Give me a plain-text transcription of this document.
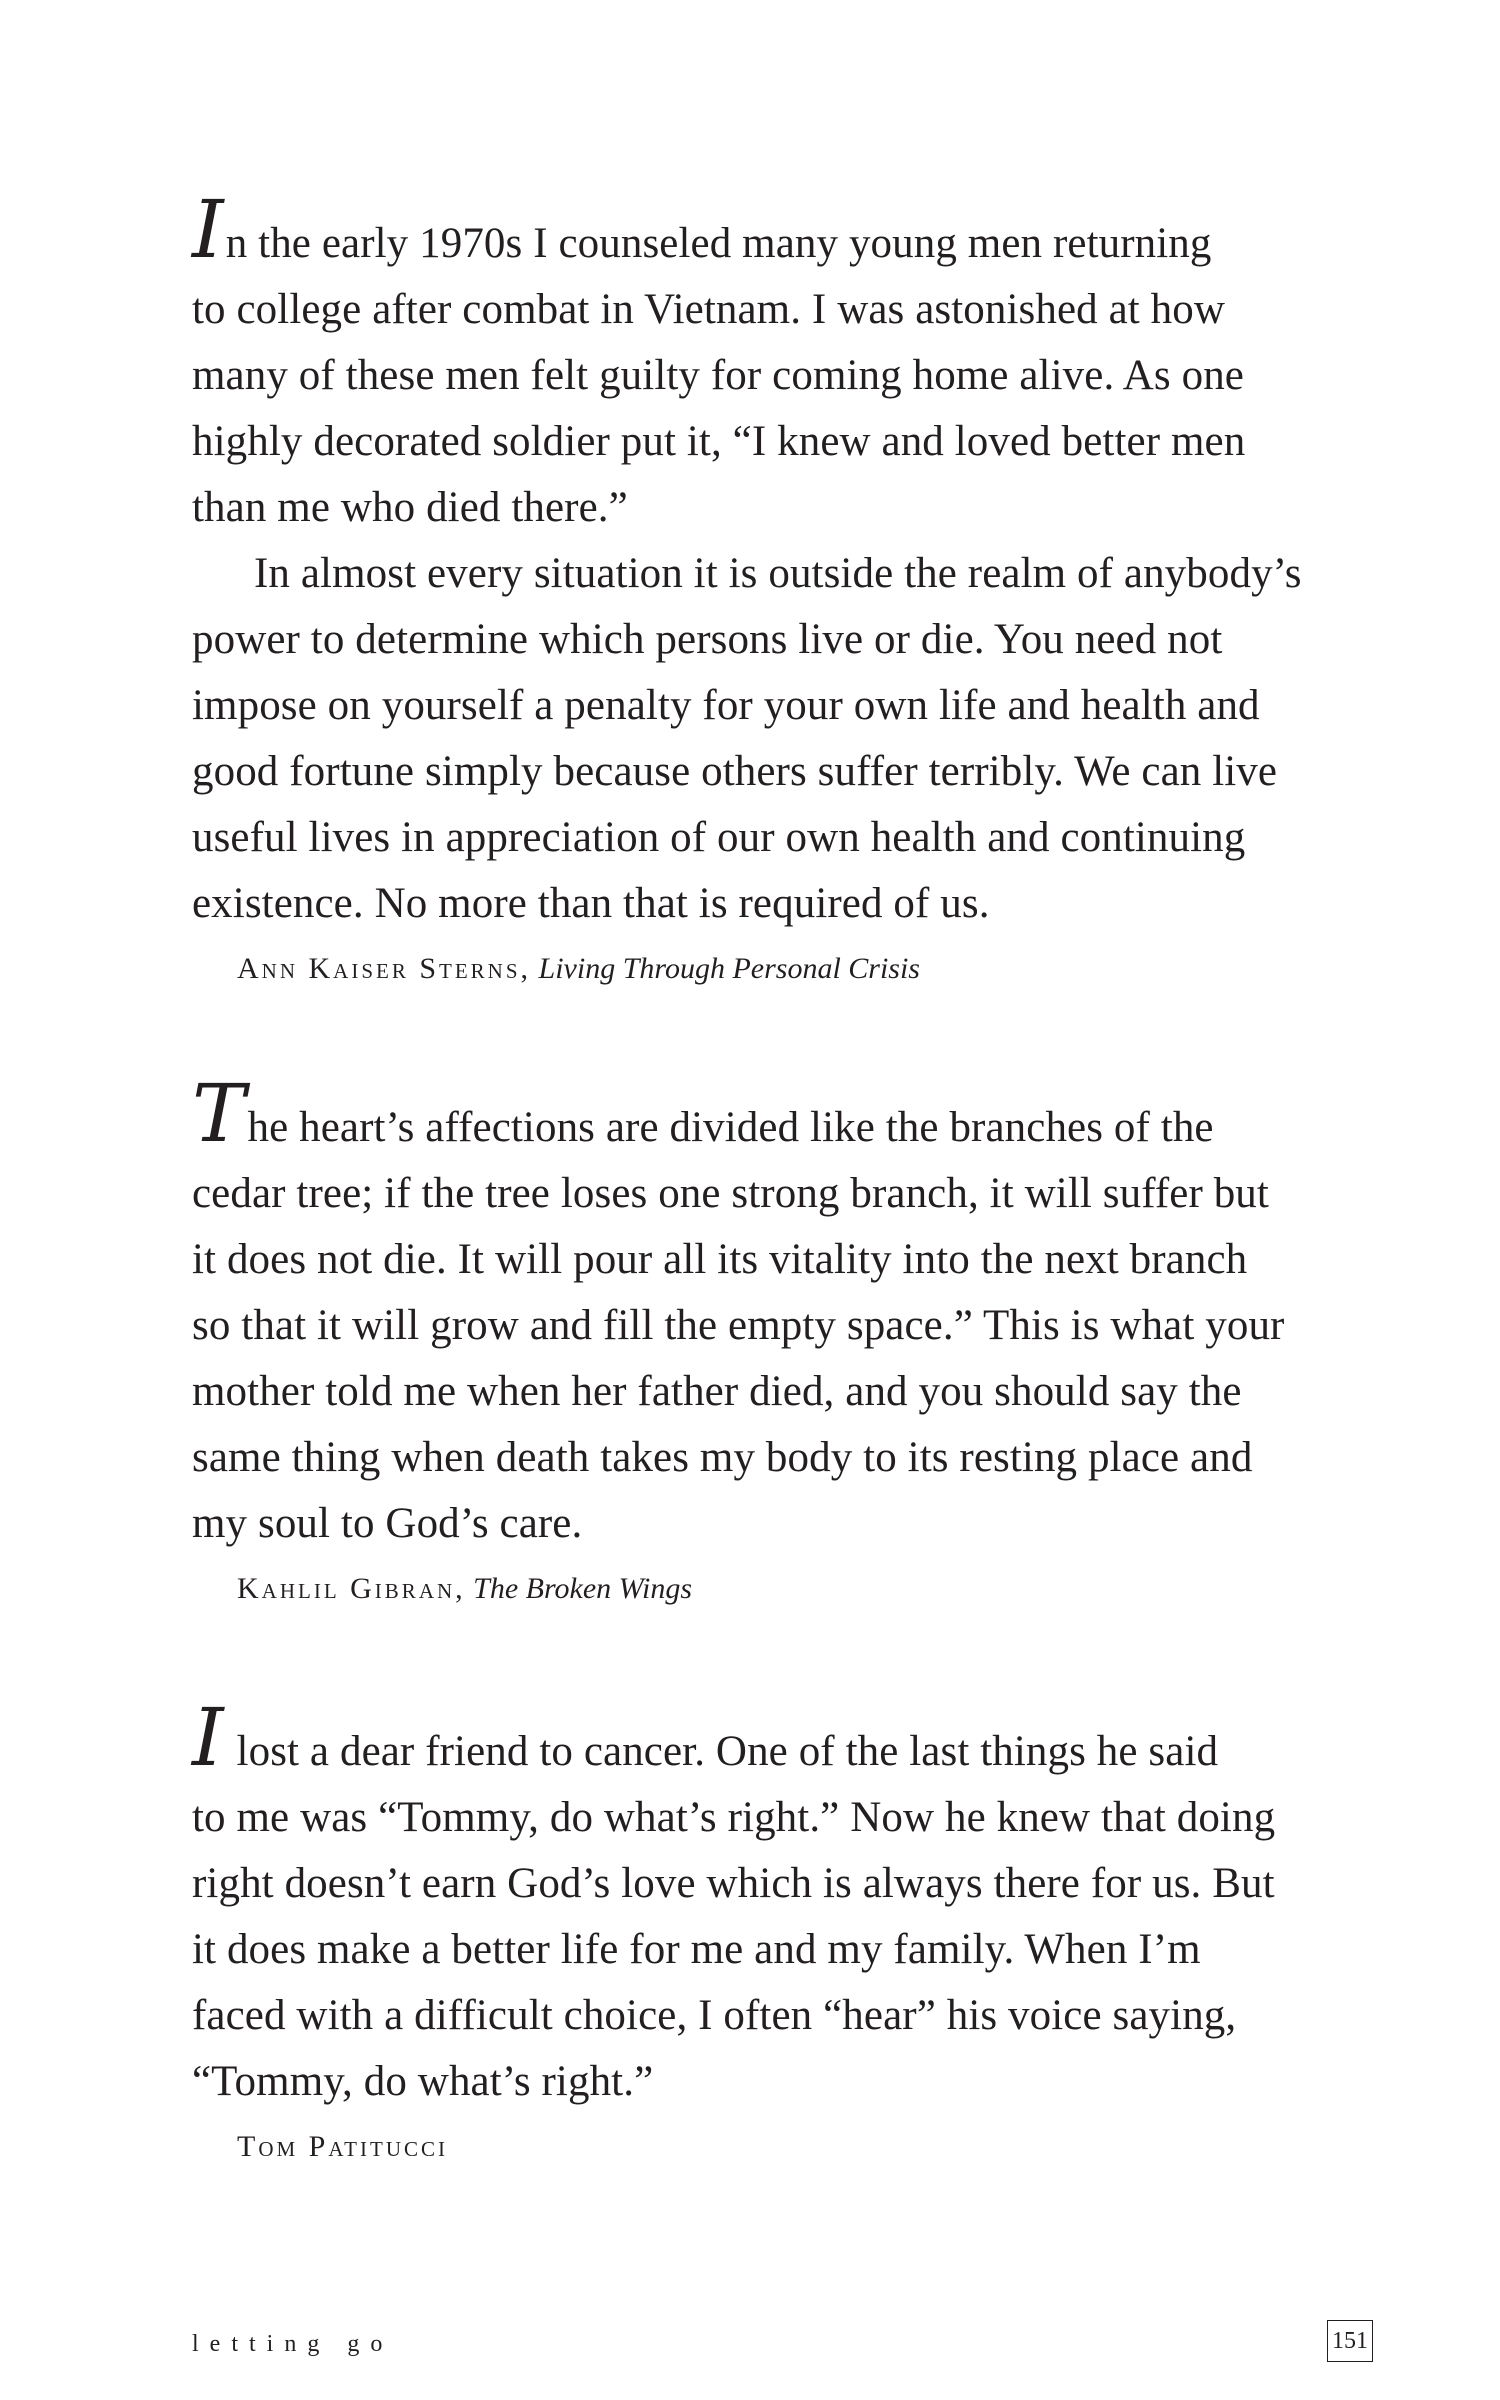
In the early 1970s I counseled many young men returning
to college after combat in Vietnam. I was astonished at how
many of these men felt guilty for coming home alive. As one
highly decorated soldier put it, “I knew and loved better men
than me who died there.”

In almost every situation it is outside the realm of anybody’s
power to determine which persons live or die. You need not
impose on yourself a penalty for your own life and health and
good fortune simply because others suffer terribly. We can live
useful lives in appreciation of our own health and continuing
existence. No more than that is required of us.

Ann Kaiser Sterns, Living Through Personal Crisis

The heart’s affections are divided like the branches of the
cedar tree; if the tree loses one strong branch, it will suffer but
it does not die. It will pour all its vitality into the next branch
so that it will grow and fill the empty space.” This is what your
mother told me when her father died, and you should say the
same thing when death takes my body to its resting place and
my soul to God’s care.

Kahlil Gibran, The Broken Wings

I lost a dear friend to cancer. One of the last things he said
to me was “Tommy, do what’s right.” Now he knew that doing
right doesn’t earn God’s love which is always there for us. But
it does make a better life for me and my family. When I’m
faced with a difficult choice, I often “hear” his voice saying,
“Tommy, do what’s right.”

Tom Patitucci
letting go	151
